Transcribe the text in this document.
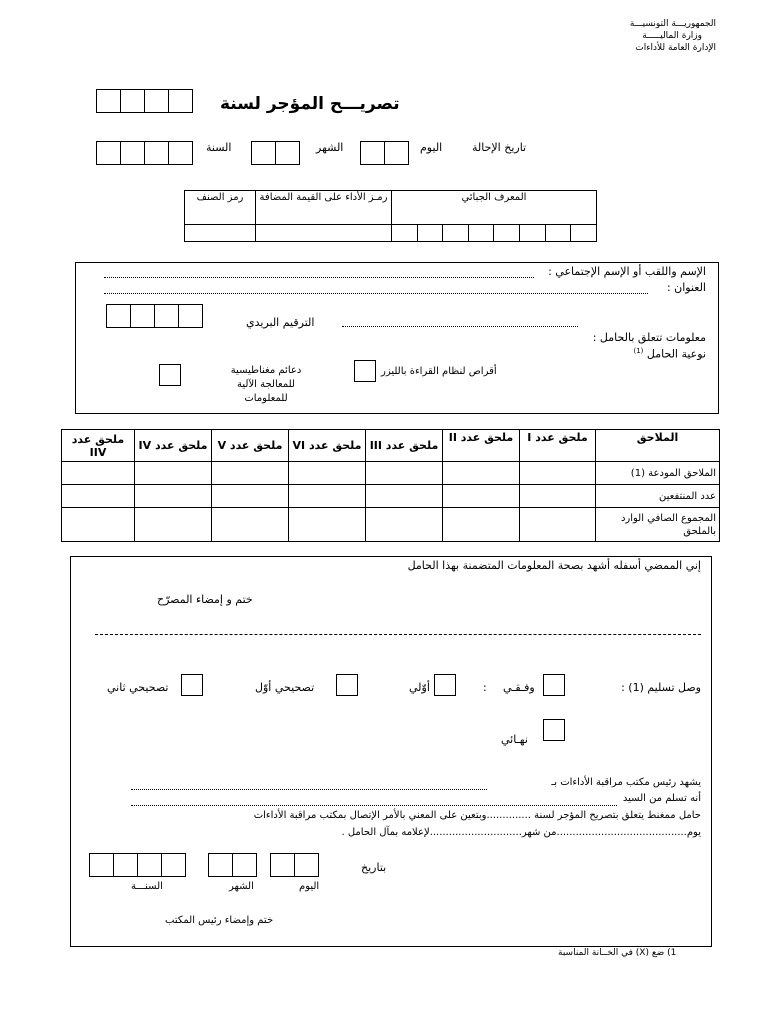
الجمهوريـــة التونسيـــة
وزارة الماليـــــة
الإدارة العامة للأداءات
تصريـــح المؤجر لسنة
السنة	الشهر	اليوم	تاريخ الإحالة
رمز الصنف	رمـز الأداء على القيمة المضافة	المعرف الجبائي							

الإسم واللقب أو الإسم الإجتماعي :
العنوان :
الترقيم البريدي
معلومات تتعلق بالحامل :
نوعية الحامل $^{(1)}$
أقراص لنظام القراءة بالليزر
دعائم مغناطيسية للمعالجة الآلية للمعلومات
ملحق عدد IIV	ملحق عدد IV	ملحق عدد V	ملحق عدد VI	ملحق عدد III	ملحق عدد II	ملحق عدد I	الملاحق
							الملاحق المودعة (1)
							عدد المنتفعين
							المجموع الصافي الوارد بالملحق
إني الممضي أسفله أشهد بصحة المعلومات المتضمنة بهذا الحامل
ختم و إمضاء المصرّح
وصل تسليم (1) :
وفـقـي
:
أوّلي
تصحيحي أوّل
تصحيحي ثاني
نهـائي
يشهد رئيس مكتب مراقبة الأداءات بـ
أنه تسلم من السيد
حامل ممغنط يتعلق بتصريح المؤجر لسنة ..............وبتعين على المعني بالأمر الإتصال بمكتب مراقبة الأداءات
يوم.........................................من شهر.............................لإعلامه بمآل الحامل .
بتاريخ
السنـــة	الشهر	اليوم
ختم وإمضاء رئيس المكتب
1) ضع (X) في الخــانة المناسبة
